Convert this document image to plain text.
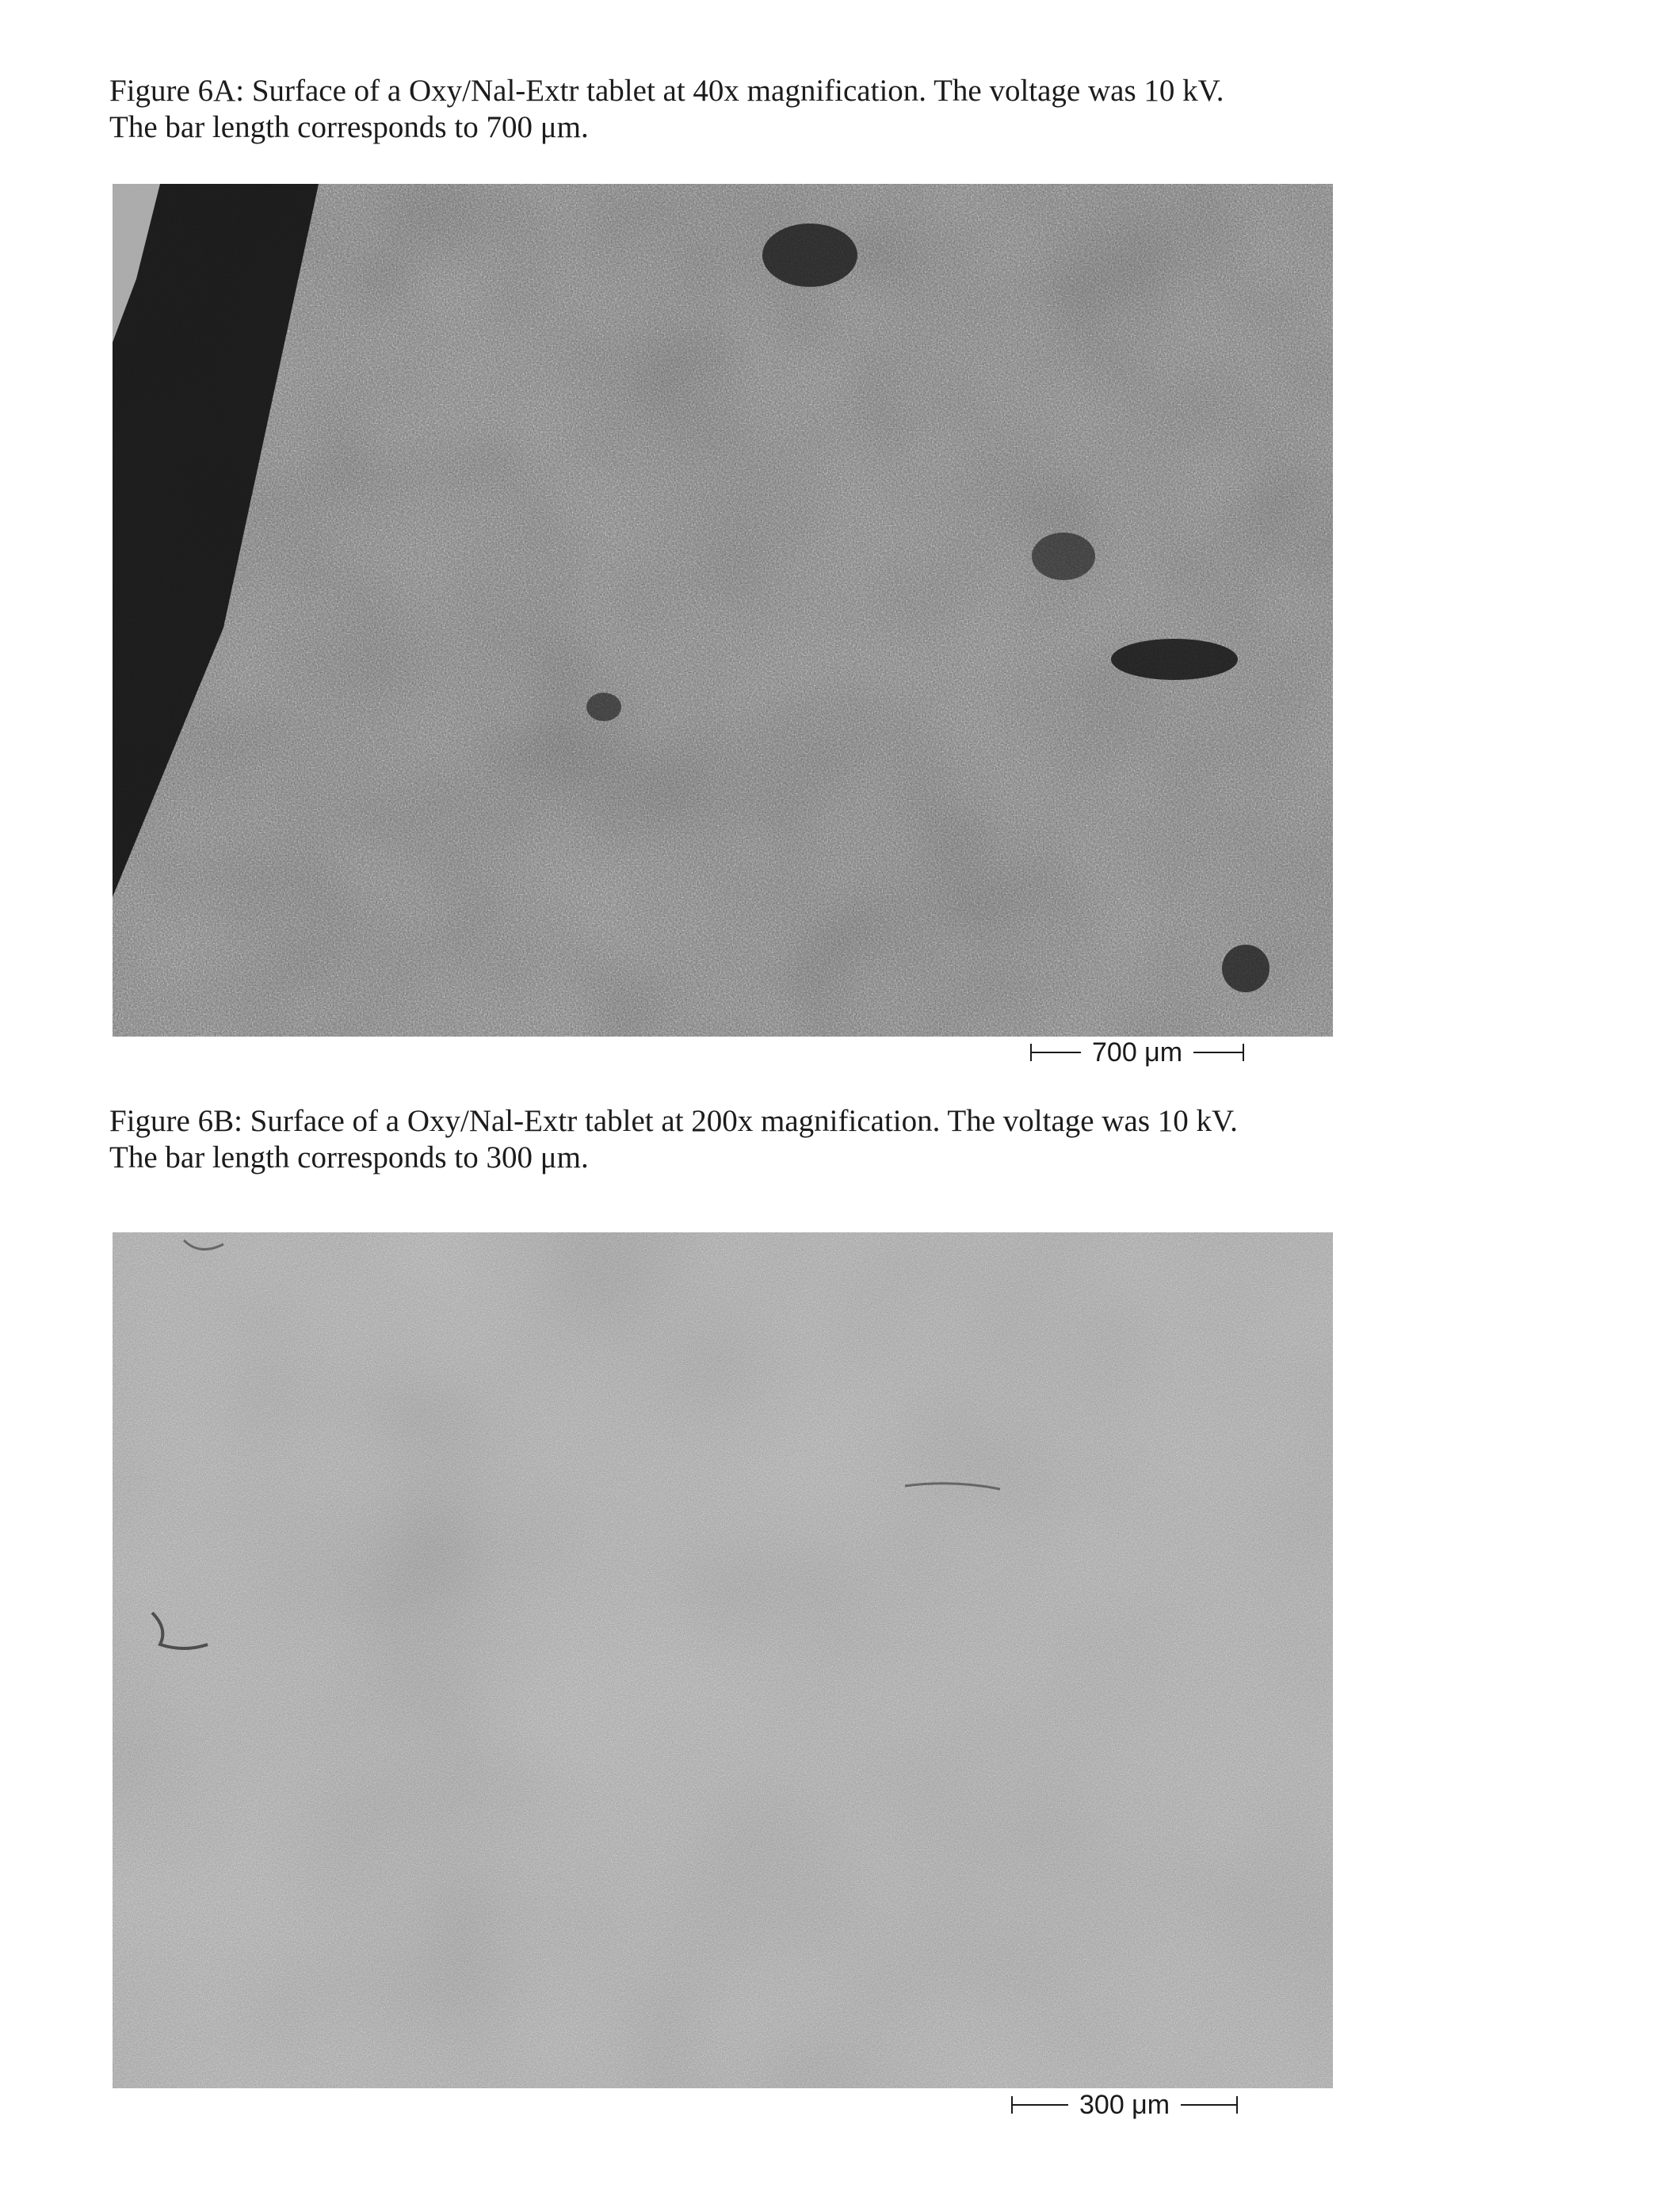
Figure 6A: Surface of a Oxy/Nal-Extr tablet at 40x magnification. The voltage was 10 kV.
The bar length corresponds to 700 μm.
700 μm
Figure 6B: Surface of a Oxy/Nal-Extr tablet at 200x magnification. The voltage was 10 kV.
The bar length corresponds to 300 μm.
300 μm
